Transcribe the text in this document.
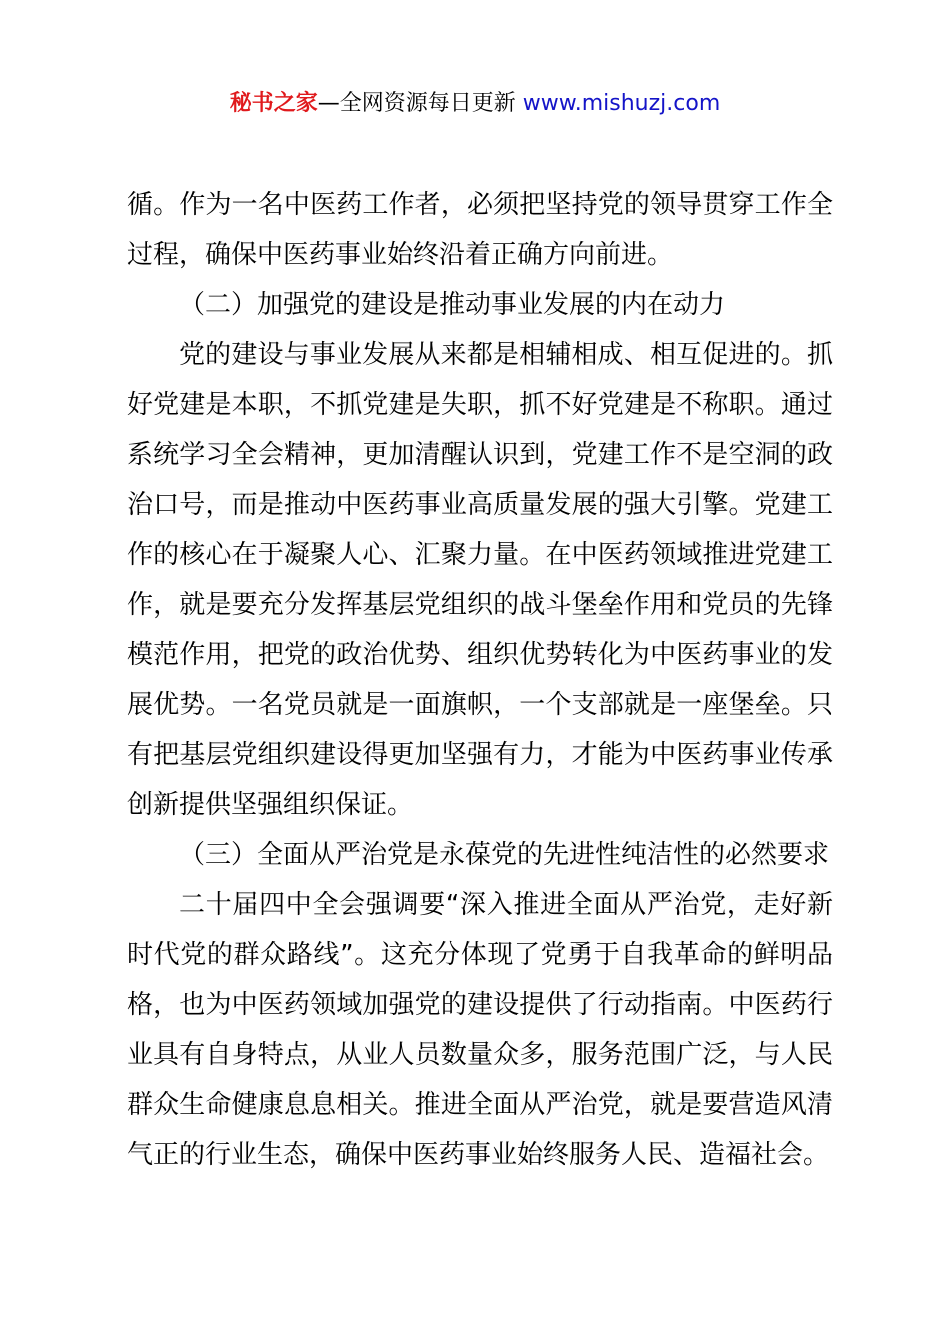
秘书之家—全网资源每日更新 www.mishuzj.com

循。作为一名中医药工作者，必须把坚持党的领导贯穿工作全过程，确保中医药事业始终沿着正确方向前进。

（二）加强党的建设是推动事业发展的内在动力

党的建设与事业发展从来都是相辅相成、相互促进的。抓好党建是本职，不抓党建是失职，抓不好党建是不称职。通过系统学习全会精神，更加清醒认识到，党建工作不是空洞的政治口号，而是推动中医药事业高质量发展的强大引擎。党建工作的核心在于凝聚人心、汇聚力量。在中医药领域推进党建工作，就是要充分发挥基层党组织的战斗堡垒作用和党员的先锋模范作用，把党的政治优势、组织优势转化为中医药事业的发展优势。一名党员就是一面旗帜，一个支部就是一座堡垒。只有把基层党组织建设得更加坚强有力，才能为中医药事业传承创新提供坚强组织保证。

（三）全面从严治党是永葆党的先进性纯洁性的必然要求

二十届四中全会强调要“深入推进全面从严治党，走好新时代党的群众路线”。这充分体现了党勇于自我革命的鲜明品格，也为中医药领域加强党的建设提供了行动指南。中医药行业具有自身特点，从业人员数量众多，服务范围广泛，与人民群众生命健康息息相关。推进全面从严治党，就是要营造风清气正的行业生态，确保中医药事业始终服务人民、造福社会。
